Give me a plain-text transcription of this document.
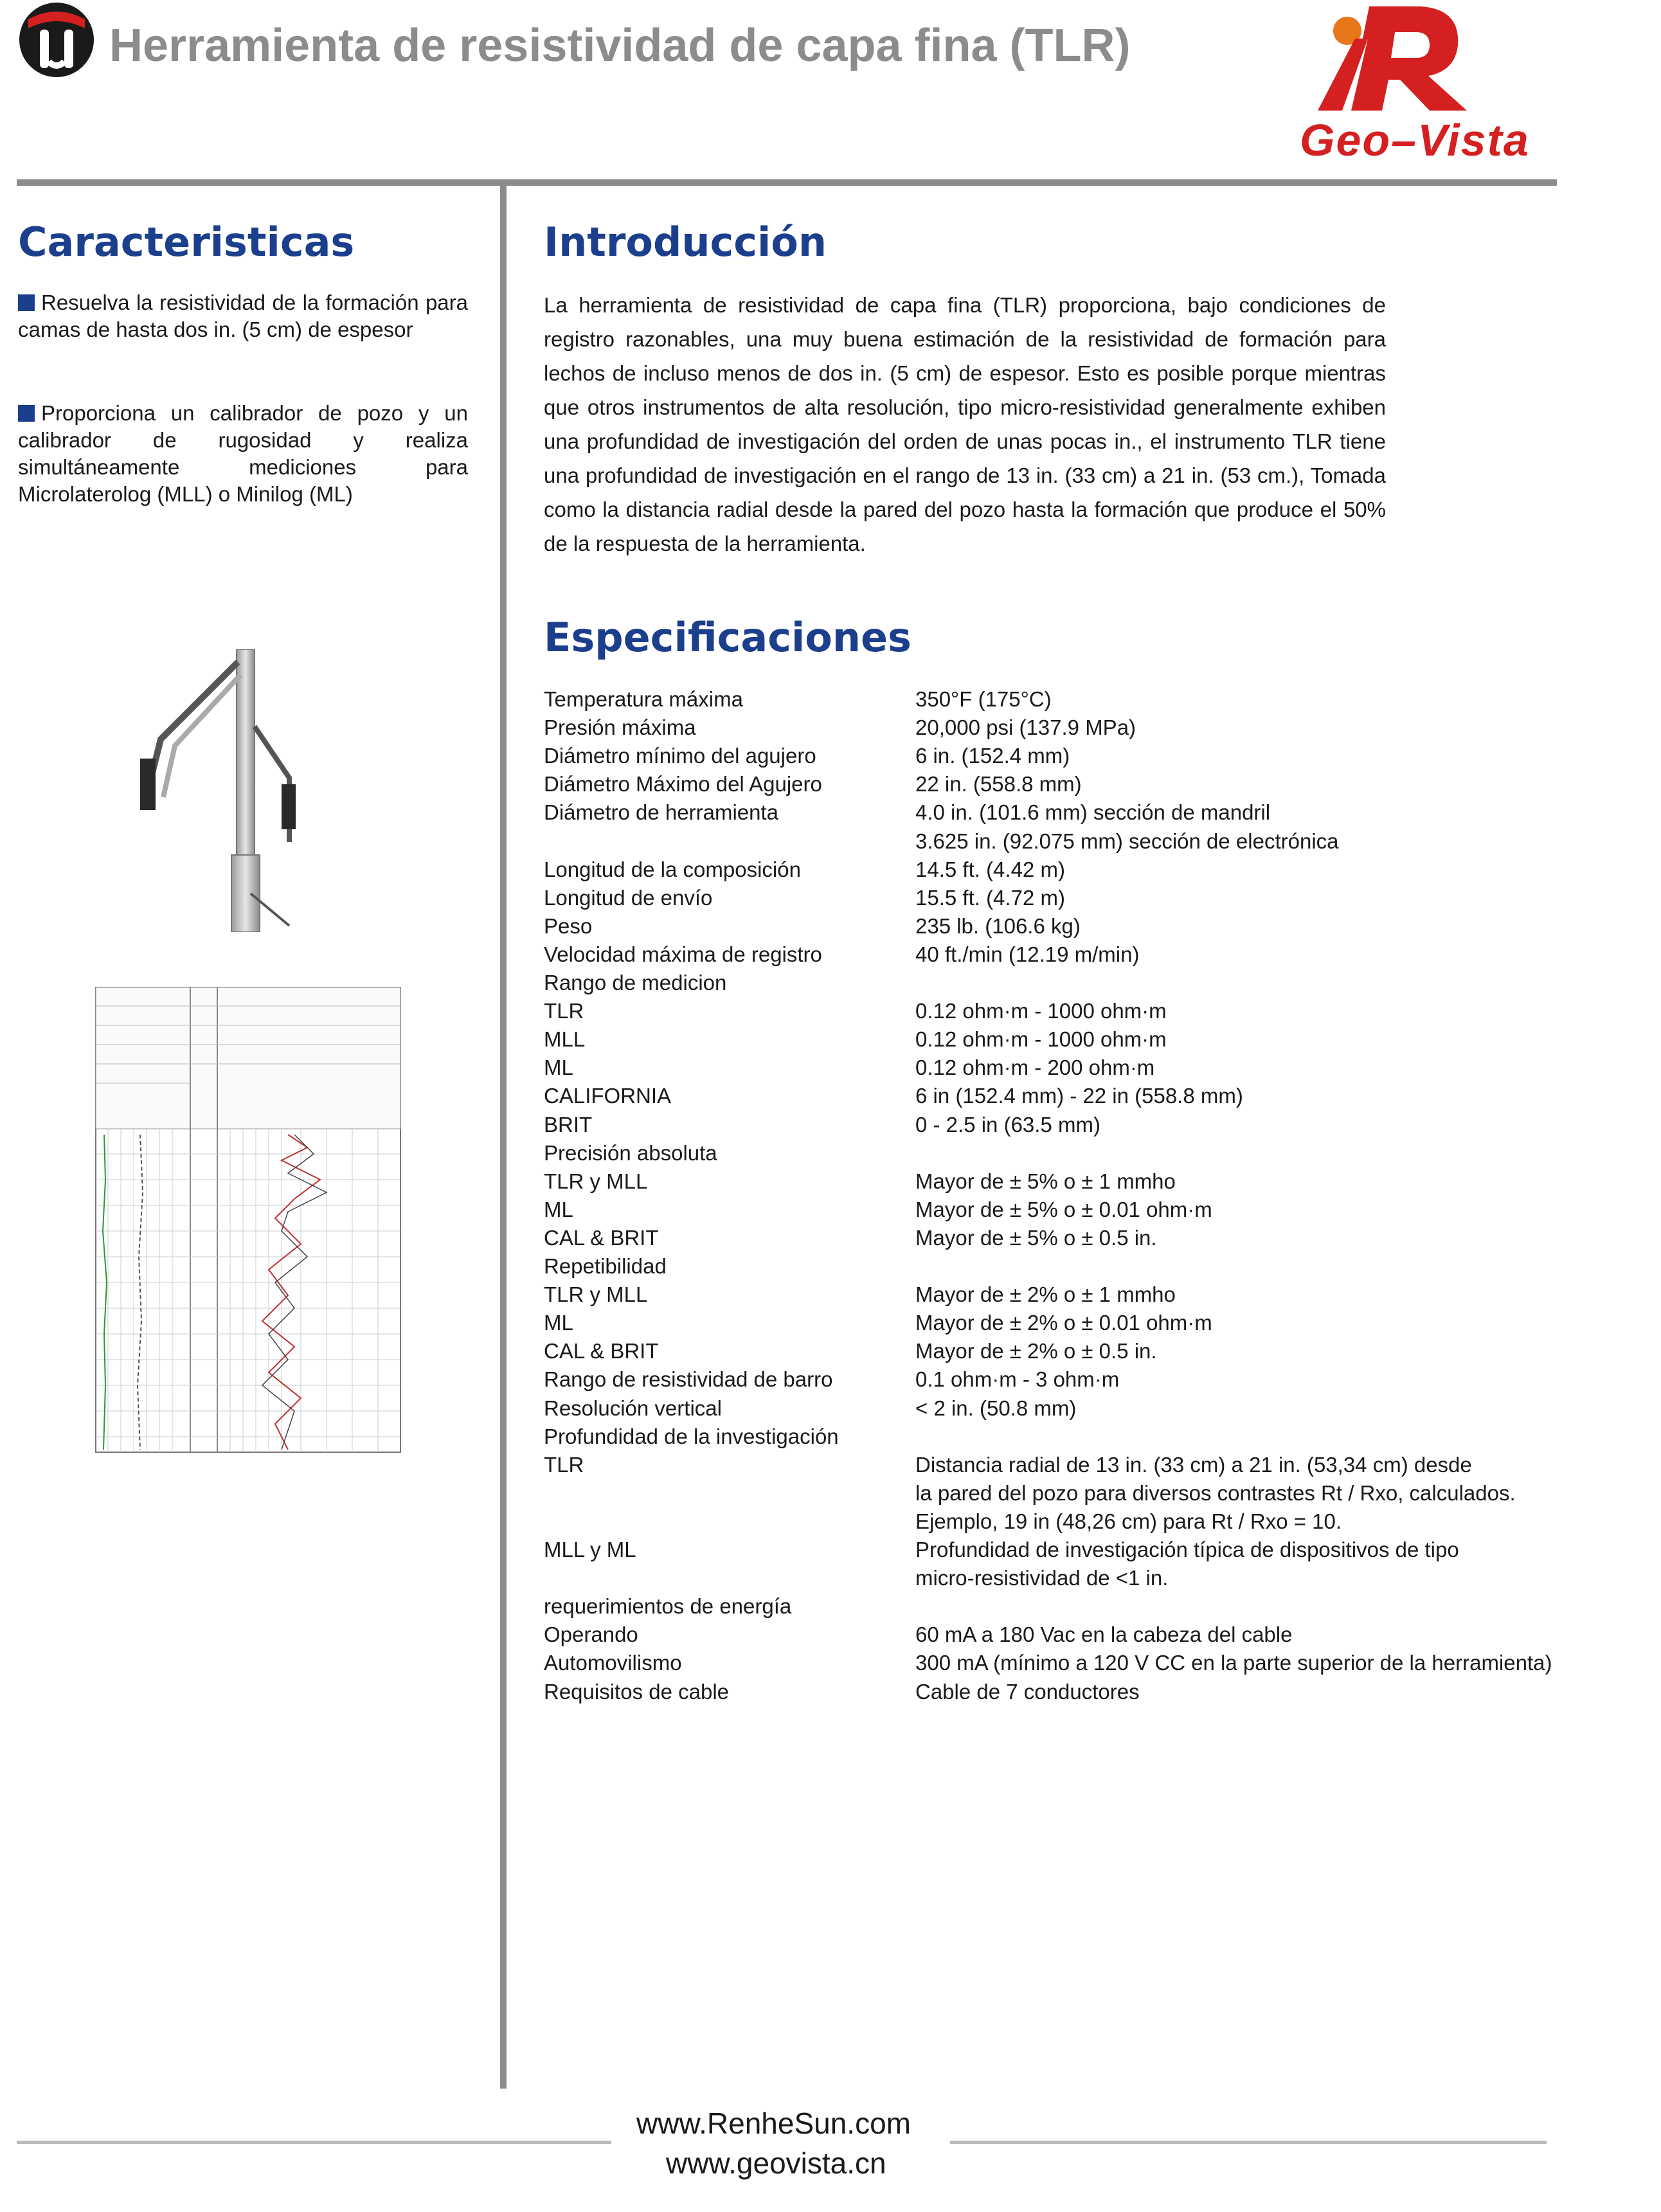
Herramienta de resistividad de capa fina (TLR)
Geo–Vista
Caracteristicas
Resuelva la resistividad de la formación para camas de hasta dos in. (5 cm) de espesor
Proporciona un calibrador de pozo y un calibrador de rugosidad y realiza simultáneamente mediciones para Microlaterolog (MLL) o Minilog (ML)
Introducción
La herramienta de resistividad de capa fina (TLR) proporciona, bajo condiciones de registro razonables, una muy buena estimación de la resistividad de formación para lechos de incluso menos de dos in. (5 cm) de espesor. Esto es posible porque mientras que otros instrumentos de alta resolución, tipo micro-resistividad generalmente exhiben una profundidad de investigación del orden de unas pocas in., el instrumento TLR tiene una profundidad de investigación en el rango de 13 in. (33 cm) a 21 in. (53 cm.), Tomada como la distancia radial desde la pared del pozo hasta la formación que produce el 50% de la respuesta de la herramienta.
Especificaciones
Temperatura máxima	350°F (175°C)
Presión máxima	20,000 psi (137.9 MPa)
Diámetro mínimo del agujero	6 in. (152.4 mm)
Diámetro Máximo del Agujero	22 in. (558.8 mm)
Diámetro de herramienta	4.0 in. (101.6 mm) sección de mandril
3.625 in. (92.075 mm) sección de electrónica
Longitud de la composición	14.5 ft. (4.42 m)
Longitud de envío	15.5 ft. (4.72 m)
Peso	235 lb. (106.6 kg)
Velocidad máxima de registro	40 ft./min (12.19 m/min)
Rango de medicion
TLR	0.12 ohm·m - 1000 ohm·m
MLL	0.12 ohm·m - 1000 ohm·m
ML	0.12 ohm·m - 200 ohm·m
CALIFORNIA	6 in (152.4 mm) - 22 in (558.8 mm)
BRIT	0 - 2.5 in (63.5 mm)
Precisión absoluta
TLR y MLL	Mayor de ± 5% o ± 1 mmho
ML	Mayor de ± 5% o ± 0.01 ohm·m
CAL & BRIT	Mayor de ± 5% o ± 0.5 in.
Repetibilidad
TLR y MLL	Mayor de ± 2% o ± 1 mmho
ML	Mayor de ± 2% o ± 0.01 ohm·m
CAL & BRIT	Mayor de ± 2% o ± 0.5 in.
Rango de resistividad de barro	0.1 ohm·m - 3 ohm·m
Resolución vertical	< 2 in. (50.8 mm)
Profundidad de la investigación
TLR	Distancia radial de 13 in. (33 cm) a 21 in. (53,34 cm) desde
la pared del pozo para diversos contrastes Rt / Rxo, calculados.
Ejemplo, 19 in (48,26 cm) para Rt / Rxo = 10.
MLL y ML	Profundidad de investigación típica de dispositivos de tipo
micro-resistividad de <1 in.
requerimientos de energía
Operando	60 mA a 180 Vac en la cabeza del cable
Automovilismo	300 mA (mínimo a 120 V CC en la parte superior de la herramienta)
Requisitos de cable	Cable de 7 conductores
www.RenheSun.com
www.geovista.cn
